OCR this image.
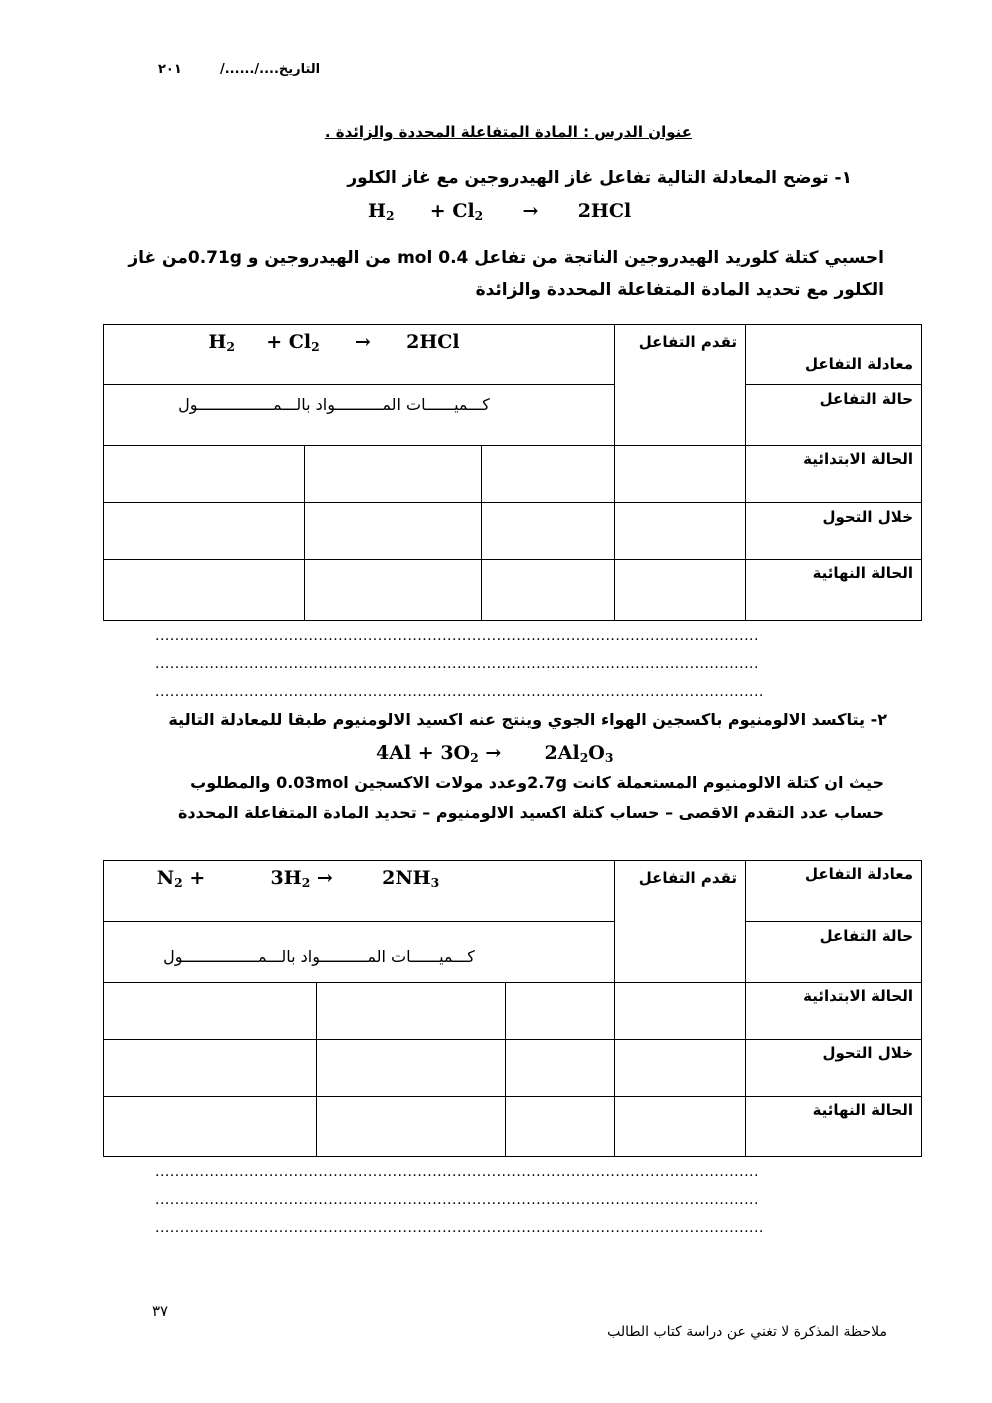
التاريخ..../....../
٢٠١
عنوان الدرس : المادة المتفاعلة المحددة والزائدة .
١- توضح المعادلة التالية تفاعل غاز الهيدروجين مع غاز الكلور
$H_2 + Cl_2 \to 2HCl$
احسبي كتلة كلوريد الهيدروجين الناتجة من تفاعل 0.4 mol من الهيدروجين و 0.71gمن غاز
الكلور مع تحديد المادة المتفاعلة المحددة والزائدة
$H_2 + Cl_2 \to 2HCl$			تقدم التفاعل	معادلة التفاعل

كـــميــــــات المــــــــــواد بالـــمــــــــــــــــول				حالة التفاعل

				الحالة الابتدائية

				خلال التحول

				الحالة النهائية
..........................................................................................................................
..........................................................................................................................
...........................................................................................................................
٢- يتاكسد الالومنيوم باكسجين الهواء الجوي وينتج عنه اكسيد الالومنيوم طبقا للمعادلة التالية
$4Al + 3O_2 \to 2Al_2O_3$
حيث ان كتلة الالومنيوم المستعملة كانت 2.7gوعدد مولات الاكسجين 0.03mol والمطلوب
حساب عدد التقدم الاقصى – حساب كتلة اكسيد الالومنيوم – تحديد المادة المتفاعلة المحددة
$N_2 + 3H_2 \to 2NH_3$			تقدم التفاعل	معادلة التفاعل

كـــميــــــات المــــــــــواد بالـــمــــــــــــــــول				حالة التفاعل

				الحالة الابتدائية

				خلال التحول

				الحالة النهائية
..........................................................................................................................
..........................................................................................................................
...........................................................................................................................
٣٧
ملاحظة المذكرة لا تغني عن دراسة كتاب الطالب
